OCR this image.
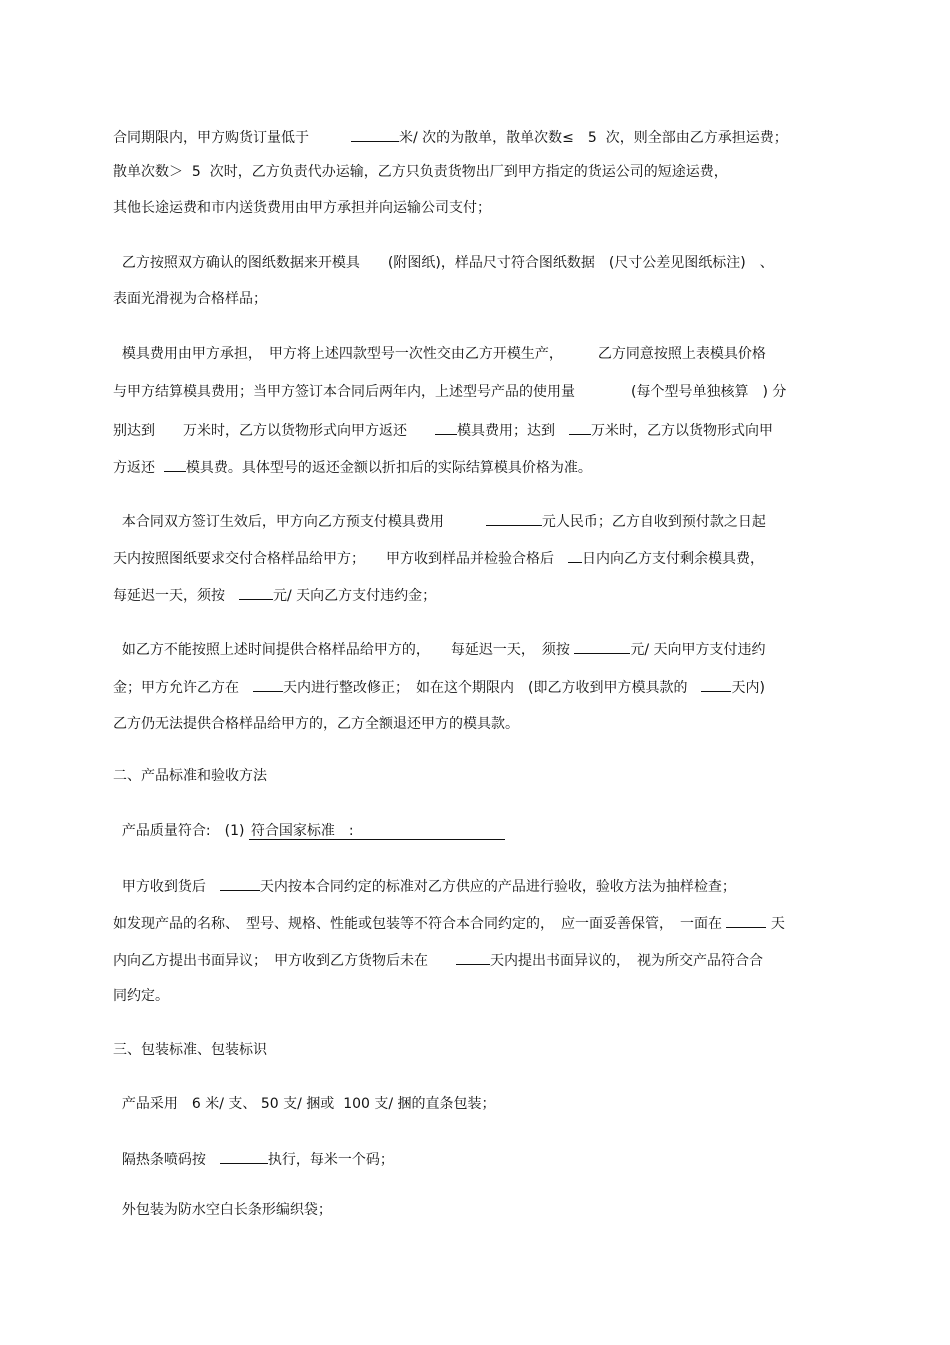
合同期限内，甲方购货订量低于　　　	米/ 次的为散单，散单次数≤　5  次，则全部由乙方承担运费；
散单次数＞  5  次时，乙方负责代办运输，乙方只负责货物出厂到甲方指定的货运公司的短途运费，
其他长途运费和市内送货费用由甲方承担并向运输公司支付；
乙方按照双方确认的图纸数据来开模具　　(附图纸)，样品尺寸符合图纸数据　(尺寸公差见图纸标注)　、
表面光滑视为合格样品；
模具费用由甲方承担，　甲方将上述四款型号一次性交由乙方开模生产，　　　乙方同意按照上表模具价格
与甲方结算模具费用；当甲方签订本合同后两年内，上述型号产品的使用量　　　　(每个型号单独核算　) 分
别达到　　万米时，乙方以货物形式向甲方返还　　	模具费用；达到　	万米时，乙方以货物形式向甲
方返还 模具费。具体型号的返还金额以折扣后的实际结算模具价格为准。
本合同双方签订生效后，甲方向乙方预支付模具费用　　　	元人民币；乙方自收到预付款之日起
天内按照图纸要求交付合格样品给甲方；　　甲方收到样品并检验合格后　 日内向乙方支付剩余模具费，
每延迟一天，须按　	元/ 天向乙方支付违约金；
如乙方不能按照上述时间提供合格样品给甲方的，　　每延迟一天，　须按	元/ 天向甲方支付违约
金；甲方允许乙方在　	天内进行整改修正；　如在这个期限内　(即乙方收到甲方模具款的　	天内)
乙方仍无法提供合格样品给甲方的，乙方全额退还甲方的模具款。
二、产品标准和验收方法
产品质量符合:　(1) 符合国家标准　:
甲方收到货后　	天内按本合同约定的标准对乙方供应的产品进行验收，验收方法为抽样检查；
如发现产品的名称、　型号、规格、性能或包装等不符合本合同约定的，　应一面妥善保管，　一面在	天
内向乙方提出书面异议；　甲方收到乙方货物后未在　　	天内提出书面异议的，　视为所交产品符合合
同约定。
三、包装标准、包装标识
产品采用　6 米/ 支、 50 支/ 捆或  100 支/ 捆的直条包装；
隔热条喷码按　	执行，每米一个码；
外包装为防水空白长条形编织袋；
